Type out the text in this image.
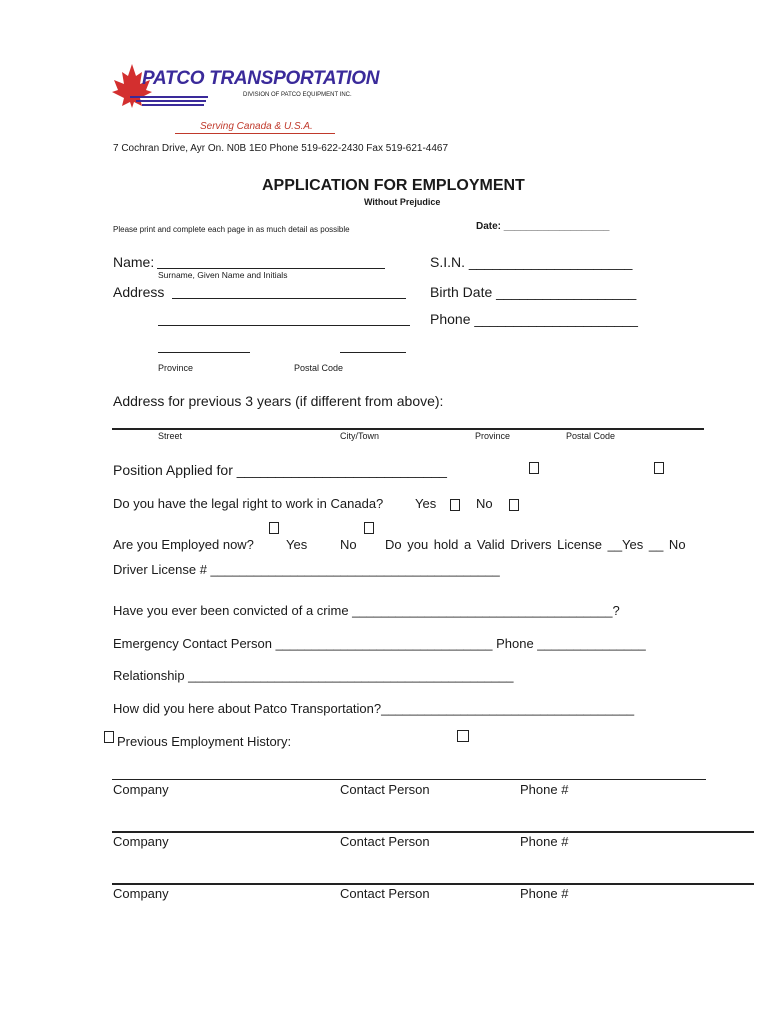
PATCO TRANSPORTATION
DIVISION OF PATCO EQUIPMENT INC.
Serving Canada & U.S.A.
7 Cochran Drive, Ayr On. N0B 1E0 Phone 519-622-2430 Fax 519-621-4467
APPLICATION FOR EMPLOYMENT
Without Prejudice
Please print and complete each page in as much detail as possible	Date: ___________________
Name:
Surname, Given Name and Initials
S.I.N. _____________________
Address	Birth Date __________________
Phone _____________________
Province	Postal Code
Address for previous 3 years (if different from above):
Street	City/Town	Province	Postal Code
Position Applied for ___________________________
Do you have the legal right to work in Canada? Yes	No
Are you Employed now? Yes	No Do you hold a Valid Drivers License __Yes __ No
Driver License # ________________________________________
Have you ever been convicted of a crime ____________________________________?
Emergency Contact Person ______________________________ Phone _______________
Relationship _____________________________________________
How did you here about Patco Transportation?___________________________________
Previous Employment History:
Company	Contact Person	Phone #
Company	Contact Person	Phone #
Company	Contact Person	Phone #
